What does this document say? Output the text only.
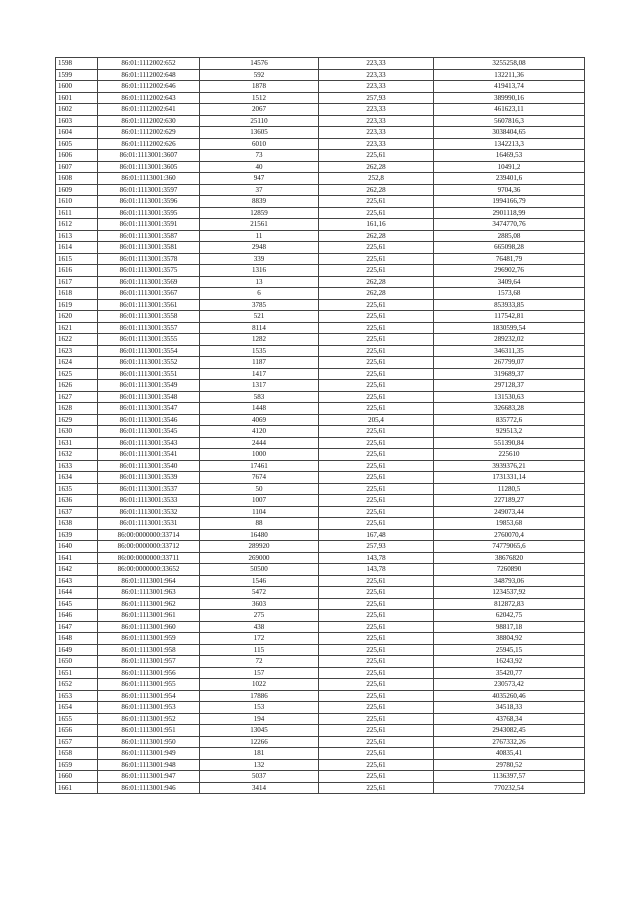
1598	86:01:1112002:652	14576	223,33	3255258,08
1599	86:01:1112002:648	592	223,33	132211,36
1600	86:01:1112002:646	1878	223,33	419413,74
1601	86:01:1112002:643	1512	257,93	389990,16
1602	86:01:1112002:641	2067	223,33	461623,11
1603	86:01:1112002:630	25110	223,33	5607816,3
1604	86:01:1112002:629	13605	223,33	3038404,65
1605	86:01:1112002:626	6010	223,33	1342213,3
1606	86:01:1113001:3607	73	225,61	16469,53
1607	86:01:1113001:3605	40	262,28	10491,2
1608	86:01:1113001:360	947	252,8	239401,6
1609	86:01:1113001:3597	37	262,28	9704,36
1610	86:01:1113001:3596	8839	225,61	1994166,79
1611	86:01:1113001:3595	12859	225,61	2901118,99
1612	86:01:1113001:3591	21561	161,16	3474770,76
1613	86:01:1113001:3587	11	262,28	2885,08
1614	86:01:1113001:3581	2948	225,61	665098,28
1615	86:01:1113001:3578	339	225,61	76481,79
1616	86:01:1113001:3575	1316	225,61	296902,76
1617	86:01:1113001:3569	13	262,28	3409,64
1618	86:01:1113001:3567	6	262,28	1573,68
1619	86:01:1113001:3561	3785	225,61	853933,85
1620	86:01:1113001:3558	521	225,61	117542,81
1621	86:01:1113001:3557	8114	225,61	1830599,54
1622	86:01:1113001:3555	1282	225,61	289232,02
1623	86:01:1113001:3554	1535	225,61	346311,35
1624	86:01:1113001:3552	1187	225,61	267799,07
1625	86:01:1113001:3551	1417	225,61	319689,37
1626	86:01:1113001:3549	1317	225,61	297128,37
1627	86:01:1113001:3548	583	225,61	131530,63
1628	86:01:1113001:3547	1448	225,61	326683,28
1629	86:01:1113001:3546	4069	205,4	835772,6
1630	86:01:1113001:3545	4120	225,61	929513,2
1631	86:01:1113001:3543	2444	225,61	551390,84
1632	86:01:1113001:3541	1000	225,61	225610
1633	86:01:1113001:3540	17461	225,61	3939376,21
1634	86:01:1113001:3539	7674	225,61	1731331,14
1635	86:01:1113001:3537	50	225,61	11280,5
1636	86:01:1113001:3533	1007	225,61	227189,27
1637	86:01:1113001:3532	1104	225,61	249073,44
1638	86:01:1113001:3531	88	225,61	19853,68
1639	86:00:0000000:33714	16480	167,48	2760070,4
1640	86:00:0000000:33712	289920	257,93	74779065,6
1641	86:00:0000000:33711	269000	143,78	38676820
1642	86:00:0000000:33652	50500	143,78	7260890
1643	86:01:1113001:964	1546	225,61	348793,06
1644	86:01:1113001:963	5472	225,61	1234537,92
1645	86:01:1113001:962	3603	225,61	812872,83
1646	86:01:1113001:961	275	225,61	62042,75
1647	86:01:1113001:960	438	225,61	98817,18
1648	86:01:1113001:959	172	225,61	38804,92
1649	86:01:1113001:958	115	225,61	25945,15
1650	86:01:1113001:957	72	225,61	16243,92
1651	86:01:1113001:956	157	225,61	35420,77
1652	86:01:1113001:955	1022	225,61	230573,42
1653	86:01:1113001:954	17886	225,61	4035260,46
1654	86:01:1113001:953	153	225,61	34518,33
1655	86:01:1113001:952	194	225,61	43768,34
1656	86:01:1113001:951	13045	225,61	2943082,45
1657	86:01:1113001:950	12266	225,61	2767332,26
1658	86:01:1113001:949	181	225,61	40835,41
1659	86:01:1113001:948	132	225,61	29780,52
1660	86:01:1113001:947	5037	225,61	1136397,57
1661	86:01:1113001:946	3414	225,61	770232,54
